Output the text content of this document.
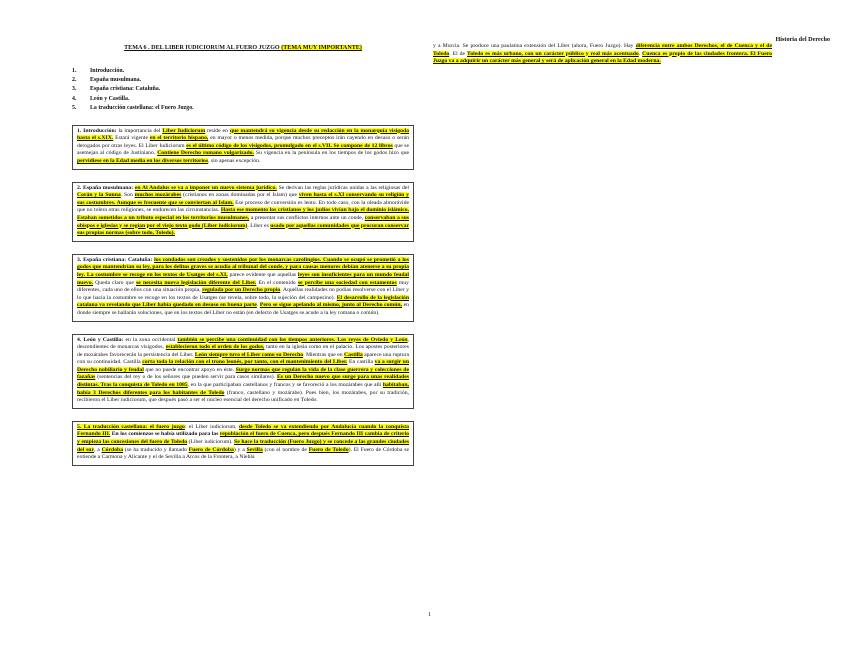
Historia del Derecho
TEMA 6 . DEL LIBER IUDICIORUM AL FUERO JUZGO (TEMA MUY IMPORTANTE)
1.	Introducción.
2.	España musulmana.
3.	España cristiana: Cataluña.
4.	León y Castilla.
5.	La traducción castellana: el Fuero Juzgo.
1. Introducción: la importancia del Liber Iudiciorum reside en que mantendrá su vigencia desde su redacción en la monarquía visigoda hasta el s.XIX. Estará vigente en el territorio hispano, en mayor o menos medida, porque muchos preceptos irán cayendo en desuso o serán derogados por otras leyes. El Liber Iudiciorum es el último código de los visigodos, promulgado en el s.VII. Se compone de 12 libros que se asemejan al código de Justiniano. Contiene Derecho romano vulgarizado. Su vigencia en la península en los tiempos de los godos hizo que pervidiese en la Edad media en los diversos territorios, sin apenas excepción.
2. España musulmana: en Al Andalus se va a imponer un nuevo sistema jurídico. Se derivan las reglas jurídicas unidas a las religiosas del Corán y la Sunna. Son muchos mozárabes (cristianos en zonas dominadas por el Islam) que viven hasta el s.XI conservando su religión y sus costumbres. Aunque es frecuente que se conviertan al Islam. Ese proceso de conversión es lento. En todo caso, con la oleada almorávide que no tolera otras religiones, se endurecen las circunstancias. Hasta ese momento los cristianos y los judíos vivían bajo el dominio islámico. Estaban sometidos a un tributo especial en los territorios musulmanes, a presentar sus conflictos internos ante un conde, conservaban a sus obispos e iglesias y se regían por el viejo texto godo (Liber iudiciorum). Liber es usado por aquellas comunidades que procuran conservar sus propias normas (sobre todo, Toledo).
3. España cristiana: Cataluña: los condados son creados y sostenidos por los monarcas carolingios. Cuando se ocupó se prometió a los godos que mantendrían su ley, para los delitos graves se acudía al tribunal del conde, y para causas menores debían atenerse a su propia ley. La costumbre se recoge en los textos de Usatges del s.XI, parece evidente que aquellas leyes son insuficientes para un mundo feudal nuevo. Queda claro que se necesita nueva legislación diferente del Liber. En el contenido se percibe una sociedad con estamentos muy diferentes, cada uno de ellos con una situación propia, regulada por un Derecho propio. Aquellas realidades no podías resolverse con el Liber y lo que hacía la costumbre se recoge en los textos de Usatges (se revela, sobre todo, la sujeción del campesino). El desarrollo de la legislación catalana va revelando que Liber había quedado en desuso en buena parte. Pero se sigue apelando al mismo, junto al Derecho común, en donde siempre se hallarán soluciones, que en los textos del Liber no están (en defecto de Usatges se acude a la ley romana o común).
4. León y Castilla: en la zona occidental también se percibe una continuidad con los tiempos anteriores. Los reyes de Oviedo y León, descendientes de monarcas visigodos, establecieron todo el orden de los godos, tanto en la iglesia como en el palacio. Los apostes posteriores de mozárabes favorecerán la persistencia del Liber. León siempre tuvo el Liber como su Derecho. Mientras que en Castilla aparece una ruptura con su continuidad. Castilla corta toda la relación con el trono leonés, por tanto, con el mantenimiento del Liber. En castilla va a surgir un Derecho nobiliario y feudal que no puede encontrar apoyo en éste. Surge normas que regulan la vida de la clase guerrera y colecciones de fazañas (sentencias del rey o de los señores que pueden servir para casos similares). Es un Derecho nuevo que surge para unas realidades distintas. Tras la conquista de Toledo en 1085, en la que participaban castellanos y francos y se favoreció a los mozárabes que allí habitaban, había 3 Derechos diferentes para los habitantes de Toledo (franco, castellano y mozárabe). Pues bien, los mozárabes, por su tradición, recibieron el Liber iudiciorum, que después pasó a ser el núcleo esencial del derecho unificado en Toledo.
5. La traducción castellana: el fuero juzgo: el Liber iudiciorum, desde Toledo se va extendiendo por Andalucía cuando la conquista Fernando III. En los comienzos se había utilizado para las repoblación el fuero de Cuenca, pero después Fernando III cambia de criterio y empieza las concesiones del fuero de Toledo (Liber iudiciorum). Se hace la traducción (Fuero Juzgo) y se concede a las grandes ciudades del sur, a Córdoba (se ha traducido y llamado Fuero de Córdoba) y a Sevilla (con el nombre de Fuero de Toledo). El Fuero de Córdoba se extiende a Carmona y Alicante y el de Sevilla a Arcos de la Frontera, a Niebla
y a Murcia. Se produce una paulatina extensión del Liber (ahora, Fuero Juzgo). Hay diferencia entre ambos Derechos, el de Cuenca y el de Toledo. El de Toledo es más urbano, con un carácter público y real más acentuado. Cuenca es propio de las ciudades frontera. El Fuero Juzgo va a adquirir un carácter más general y será de aplicación general en la Edad moderna.
1
